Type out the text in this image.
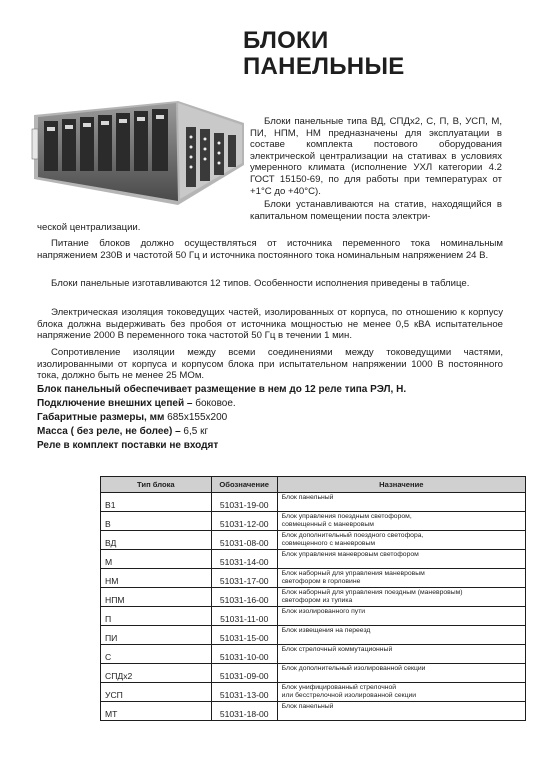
БЛОКИ
ПАНЕЛЬНЫЕ

Блоки панельные типа ВД, СПДх2, С, П, В, УСП, М, ПИ, НПМ, НМ предназначены для эксплуатации в составе комплекта постового оборудования электрической централизации на стативах в условиях умеренного климата (исполнение УХЛ категории 4.2 ГОСТ 15150-69, по для работы при температурах от +1°С до +40°С).

Блоки устанавливаются на статив, находящийся в капитальном помещении поста электри-

ческой централизации.

Питание блоков должно осуществляться от источника переменного тока номинальным напряжением 230В и частотой 50 Гц и источника постоянного тока номинальным напряжением 24 В.

Блоки панельные изготавливаются 12 типов. Особенности исполнения приведены в таблице.

Электрическая изоляция токоведущих частей, изолированных от корпуса, по отношению к корпусу блока должна выдерживать без пробоя от источника мощностью не менее 0,5 кВА испытательное напряжение 2000 В переменного тока частотой 50 Гц в течении 1 мин.

Сопротивление изоляции между всеми соединениями между токоведущими частями, изолированными от корпуса и корпусом блока при испытательном напряжении 1000 В постоянного тока, должно быть не менее 25 МОм.

Блок панельный обеспечивает размещение в нем до 12 реле типа РЭЛ, Н.

Подключение внешних цепей – боковое.

Габаритные размеры, мм 685х155х200

Масса ( без реле, не более) – 6,5 кг

Реле в комплект поставки не входят

Тип блока	Обозначение	Назначение
В1	51031-19-00	Блок панельный
В	51031-12-00	Блок управления поездным светофором,
совмещенный с маневровым
ВД	51031-08-00	Блок дополнительный поездного светофора,
совмещенного с маневровым
М	51031-14-00	Блок управления маневровым светофором
НМ	51031-17-00	Блок наборный для управления маневровым
светофором в горловине
НПМ	51031-16-00	Блок наборный для управления поездным (маневровым)
светофором из тупика
П	51031-11-00	Блок изолированного пути
ПИ	51031-15-00	Блок извещения на переезд
С	51031-10-00	Блок стрелочный коммутационный
СПДх2	51031-09-00	Блок дополнительный изолированной секции
УСП	51031-13-00	Блок унифицированный стрелочной
или бесстрелочной изолированной секции
МТ	51031-18-00	Блок панельный
